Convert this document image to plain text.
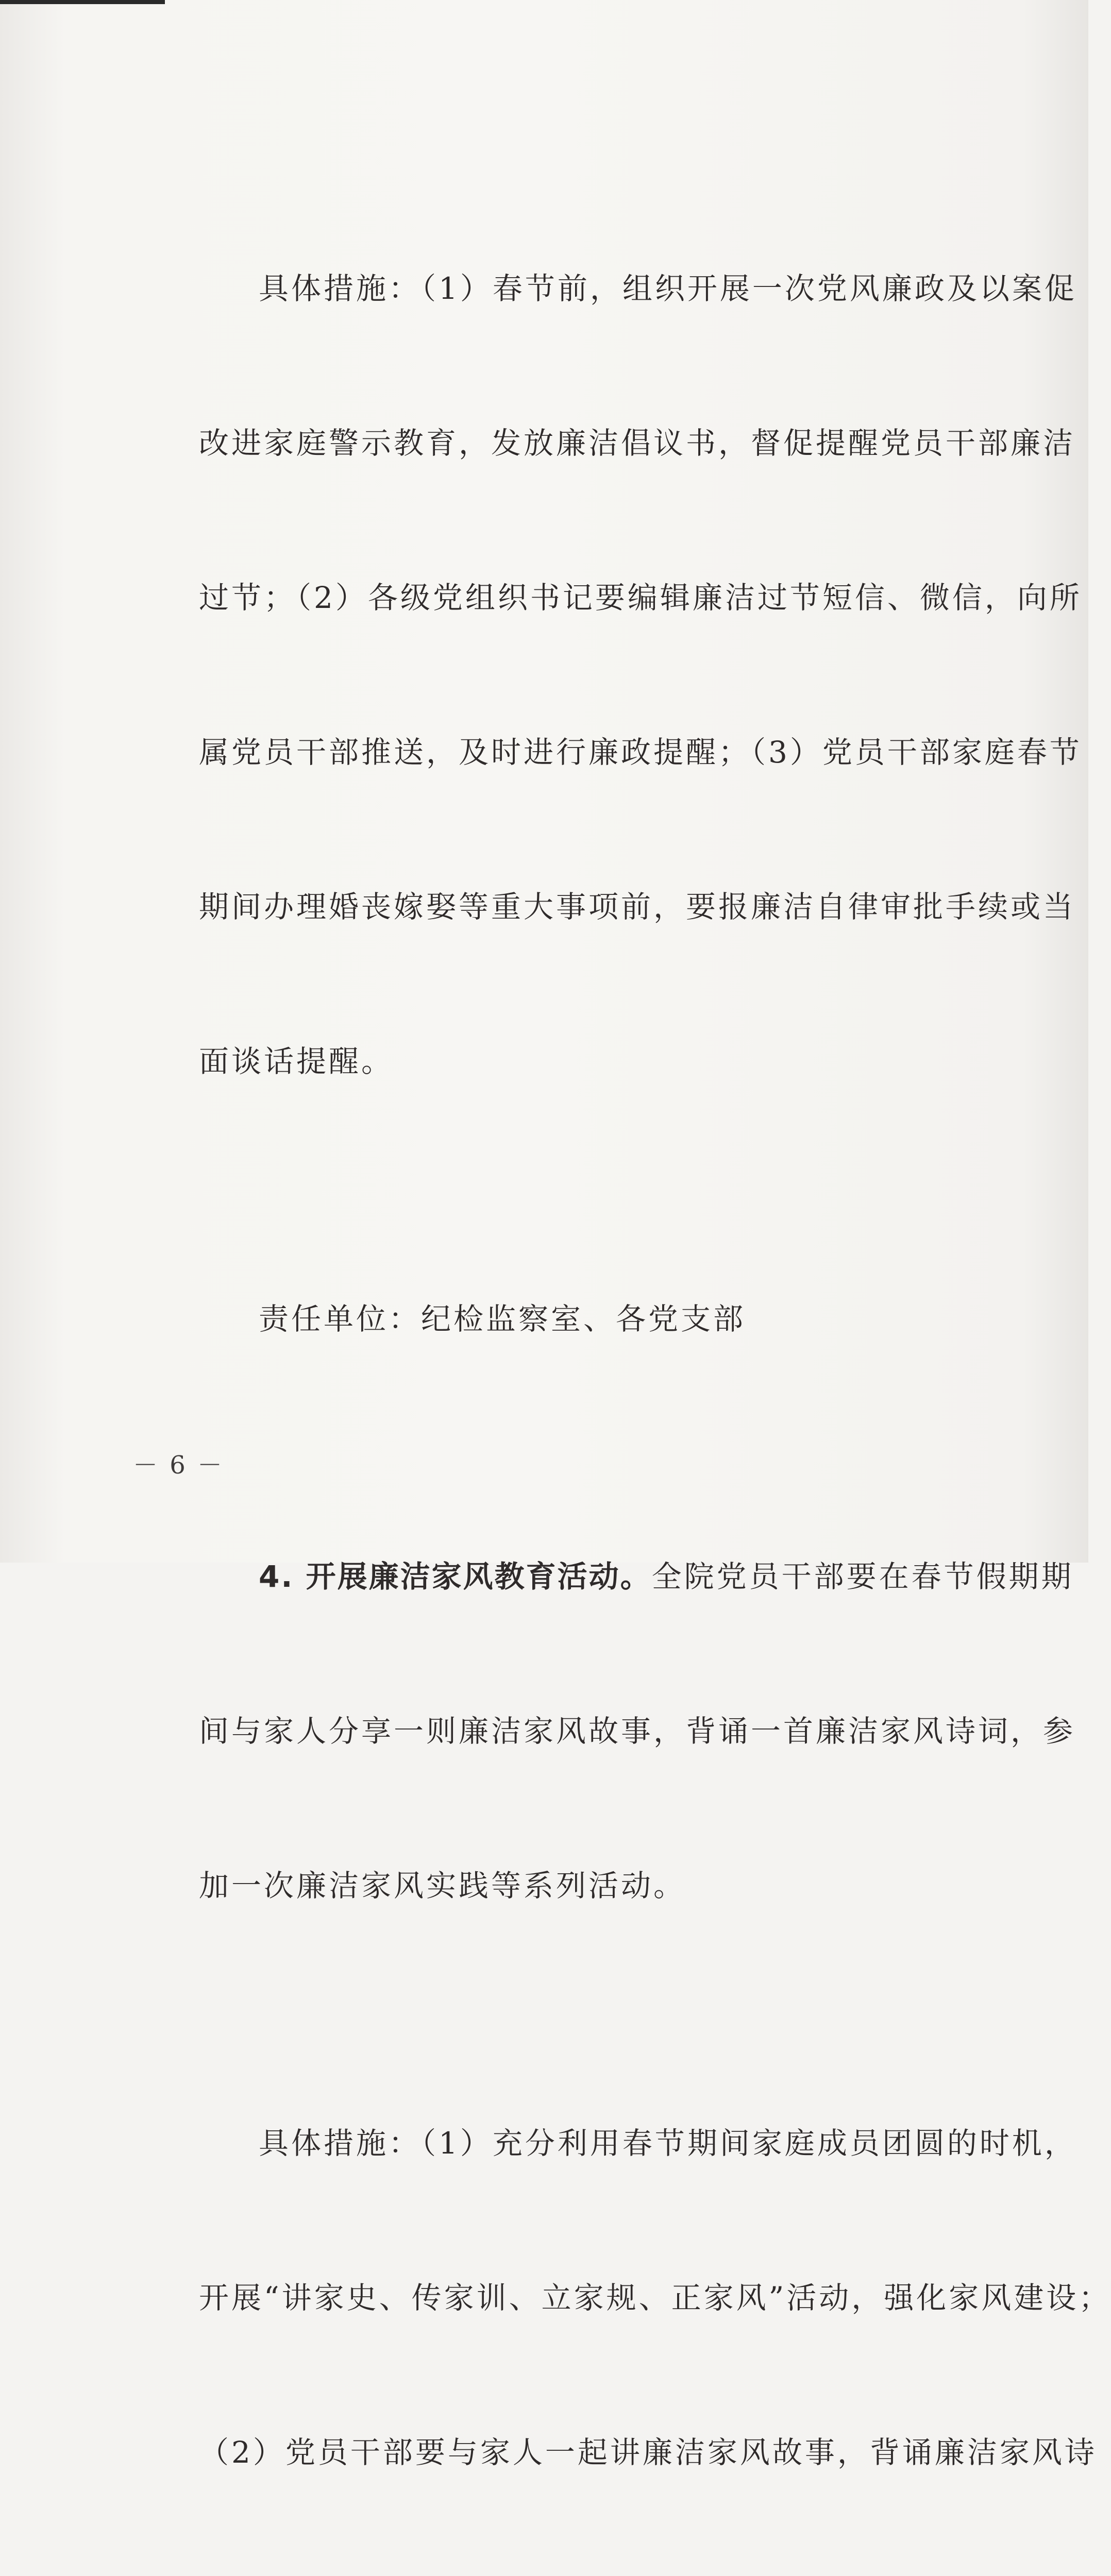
具体措施：（1）春节前，组织开展一次党风廉政及以案促

改进家庭警示教育，发放廉洁倡议书，督促提醒党员干部廉洁

过节；（2）各级党组织书记要编辑廉洁过节短信、微信，向所

属党员干部推送，及时进行廉政提醒；（3）党员干部家庭春节

期间办理婚丧嫁娶等重大事项前，要报廉洁自律审批手续或当

面谈话提醒。

责任单位：纪检监察室、各党支部

4. 开展廉洁家风教育活动。全院党员干部要在春节假期期

间与家人分享一则廉洁家风故事，背诵一首廉洁家风诗词，参

加一次廉洁家风实践等系列活动。

具体措施：（1）充分利用春节期间家庭成员团圆的时机，

开展“讲家史、传家训、立家规、正家风”活动，强化家风建设；

（2）党员干部要与家人一起讲廉洁家风故事，背诵廉洁家风诗

－ 6 －
